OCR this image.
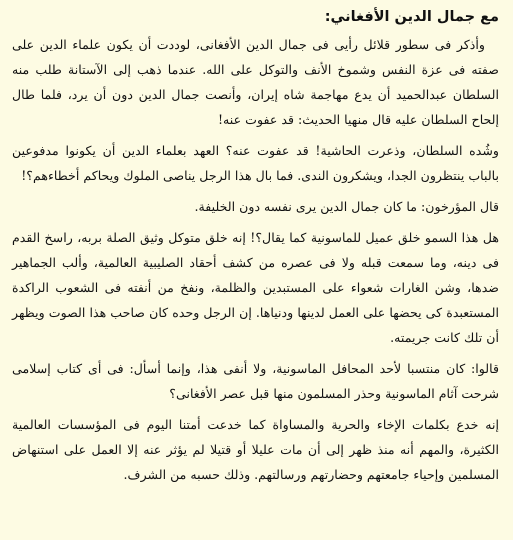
مع جمال الدين الأفغاني:

وأذكر فى سطور قلائل رأيى فى جمال الدين الأفغانى، لوددت أن يكون علماء الدين على صفته فى عزة النفس وشموخ الأنف والتوكل على الله. عندما ذهب إلى الآستانة طلب منه السلطان عبدالحميد أن يدع مهاجمة شاه إيران، وأنصت جمال الدين دون أن يرد، فلما طال إلحاح السلطان عليه قال منهيا الحديث: قد عفوت عنه!

وشُده السلطان، وذعرت الحاشية! قد عفوت عنه؟ العهد بعلماء الدين أن يكونوا مدفوعين بالباب ينتظرون الجدا، ويشكرون الندى. فما بال هذا الرجل يناصى الملوك ويحاكم أخطاءهم؟!

قال المؤرخون: ما كان جمال الدين يرى نفسه دون الخليفة.

هل هذا السمو خلق عميل للماسونية كما يقال؟! إنه خلق متوكل وثيق الصلة بربه، راسخ القدم فى دينه، وما سمعت قبله ولا فى عصره من كشف أحقاد الصليبية العالمية، وألب الجماهير ضدها، وشن الغارات شعواء على المستبدين والظلمة، ونفخ من أنفته فى الشعوب الراكدة المستعبدة كى يحضها على العمل لدينها ودنياها. إن الرجل وحده كان صاحب هذا الصوت ويظهر أن تلك كانت جريمته.

قالوا: كان منتسبا لأحد المحافل الماسونية، ولا أنفى هذا، وإنما أسأل: فى أى كتاب إسلامى شرحت آثام الماسونية وحذر المسلمون منها قبل عصر الأفغانى؟

إنه خدع بكلمات الإخاء والحرية والمساواة كما خدعت أمتنا اليوم فى المؤسسات العالمية الكثيرة، والمهم أنه منذ ظهر إلى أن مات عليلا أو قتيلا لم يؤثر عنه إلا العمل على استنهاض المسلمين وإحياء جامعتهم وحضارتهم ورسالتهم. وذلك حسبه من الشرف.
